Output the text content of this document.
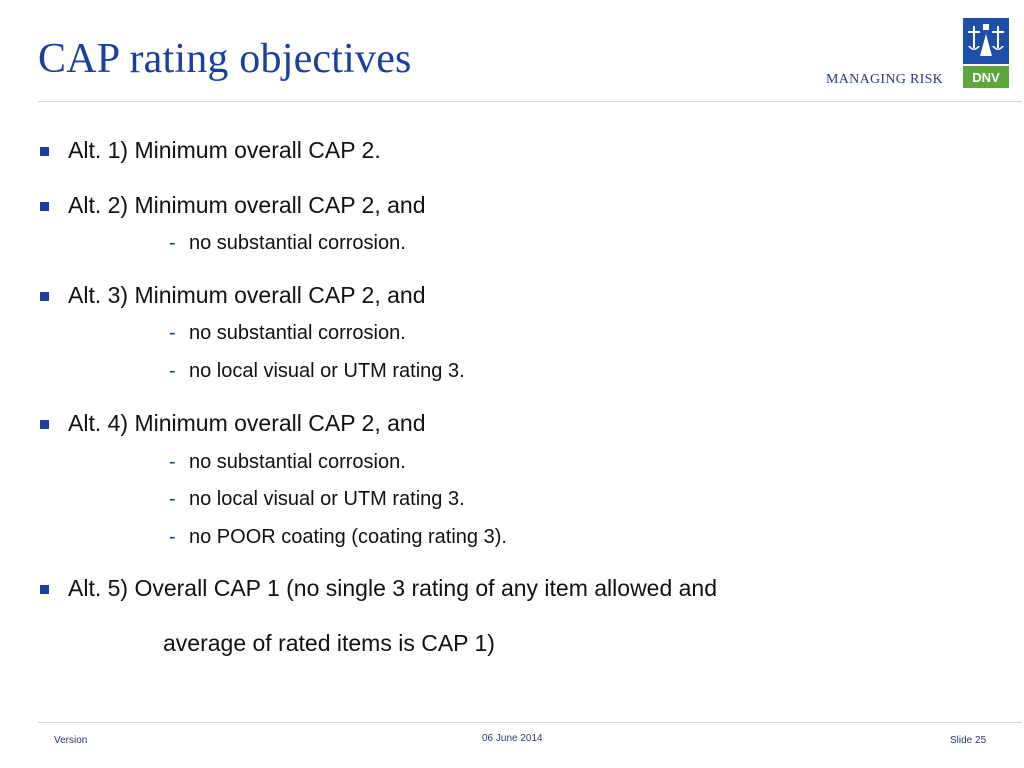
CAP rating objectives	MANAGING RISK DNV
Alt. 1) Minimum overall CAP 2.
Alt. 2) Minimum overall CAP 2, and
- no substantial corrosion.
Alt. 3) Minimum overall CAP 2, and
- no substantial corrosion.
- no local visual or UTM rating 3.
Alt. 4) Minimum overall CAP 2, and
- no substantial corrosion.
- no local visual or UTM rating 3.
- no POOR coating (coating rating 3).
Alt. 5) Overall CAP 1 (no single 3 rating of any item allowed and
average of rated items is CAP 1)
Version	06 June 2014	Slide 25
